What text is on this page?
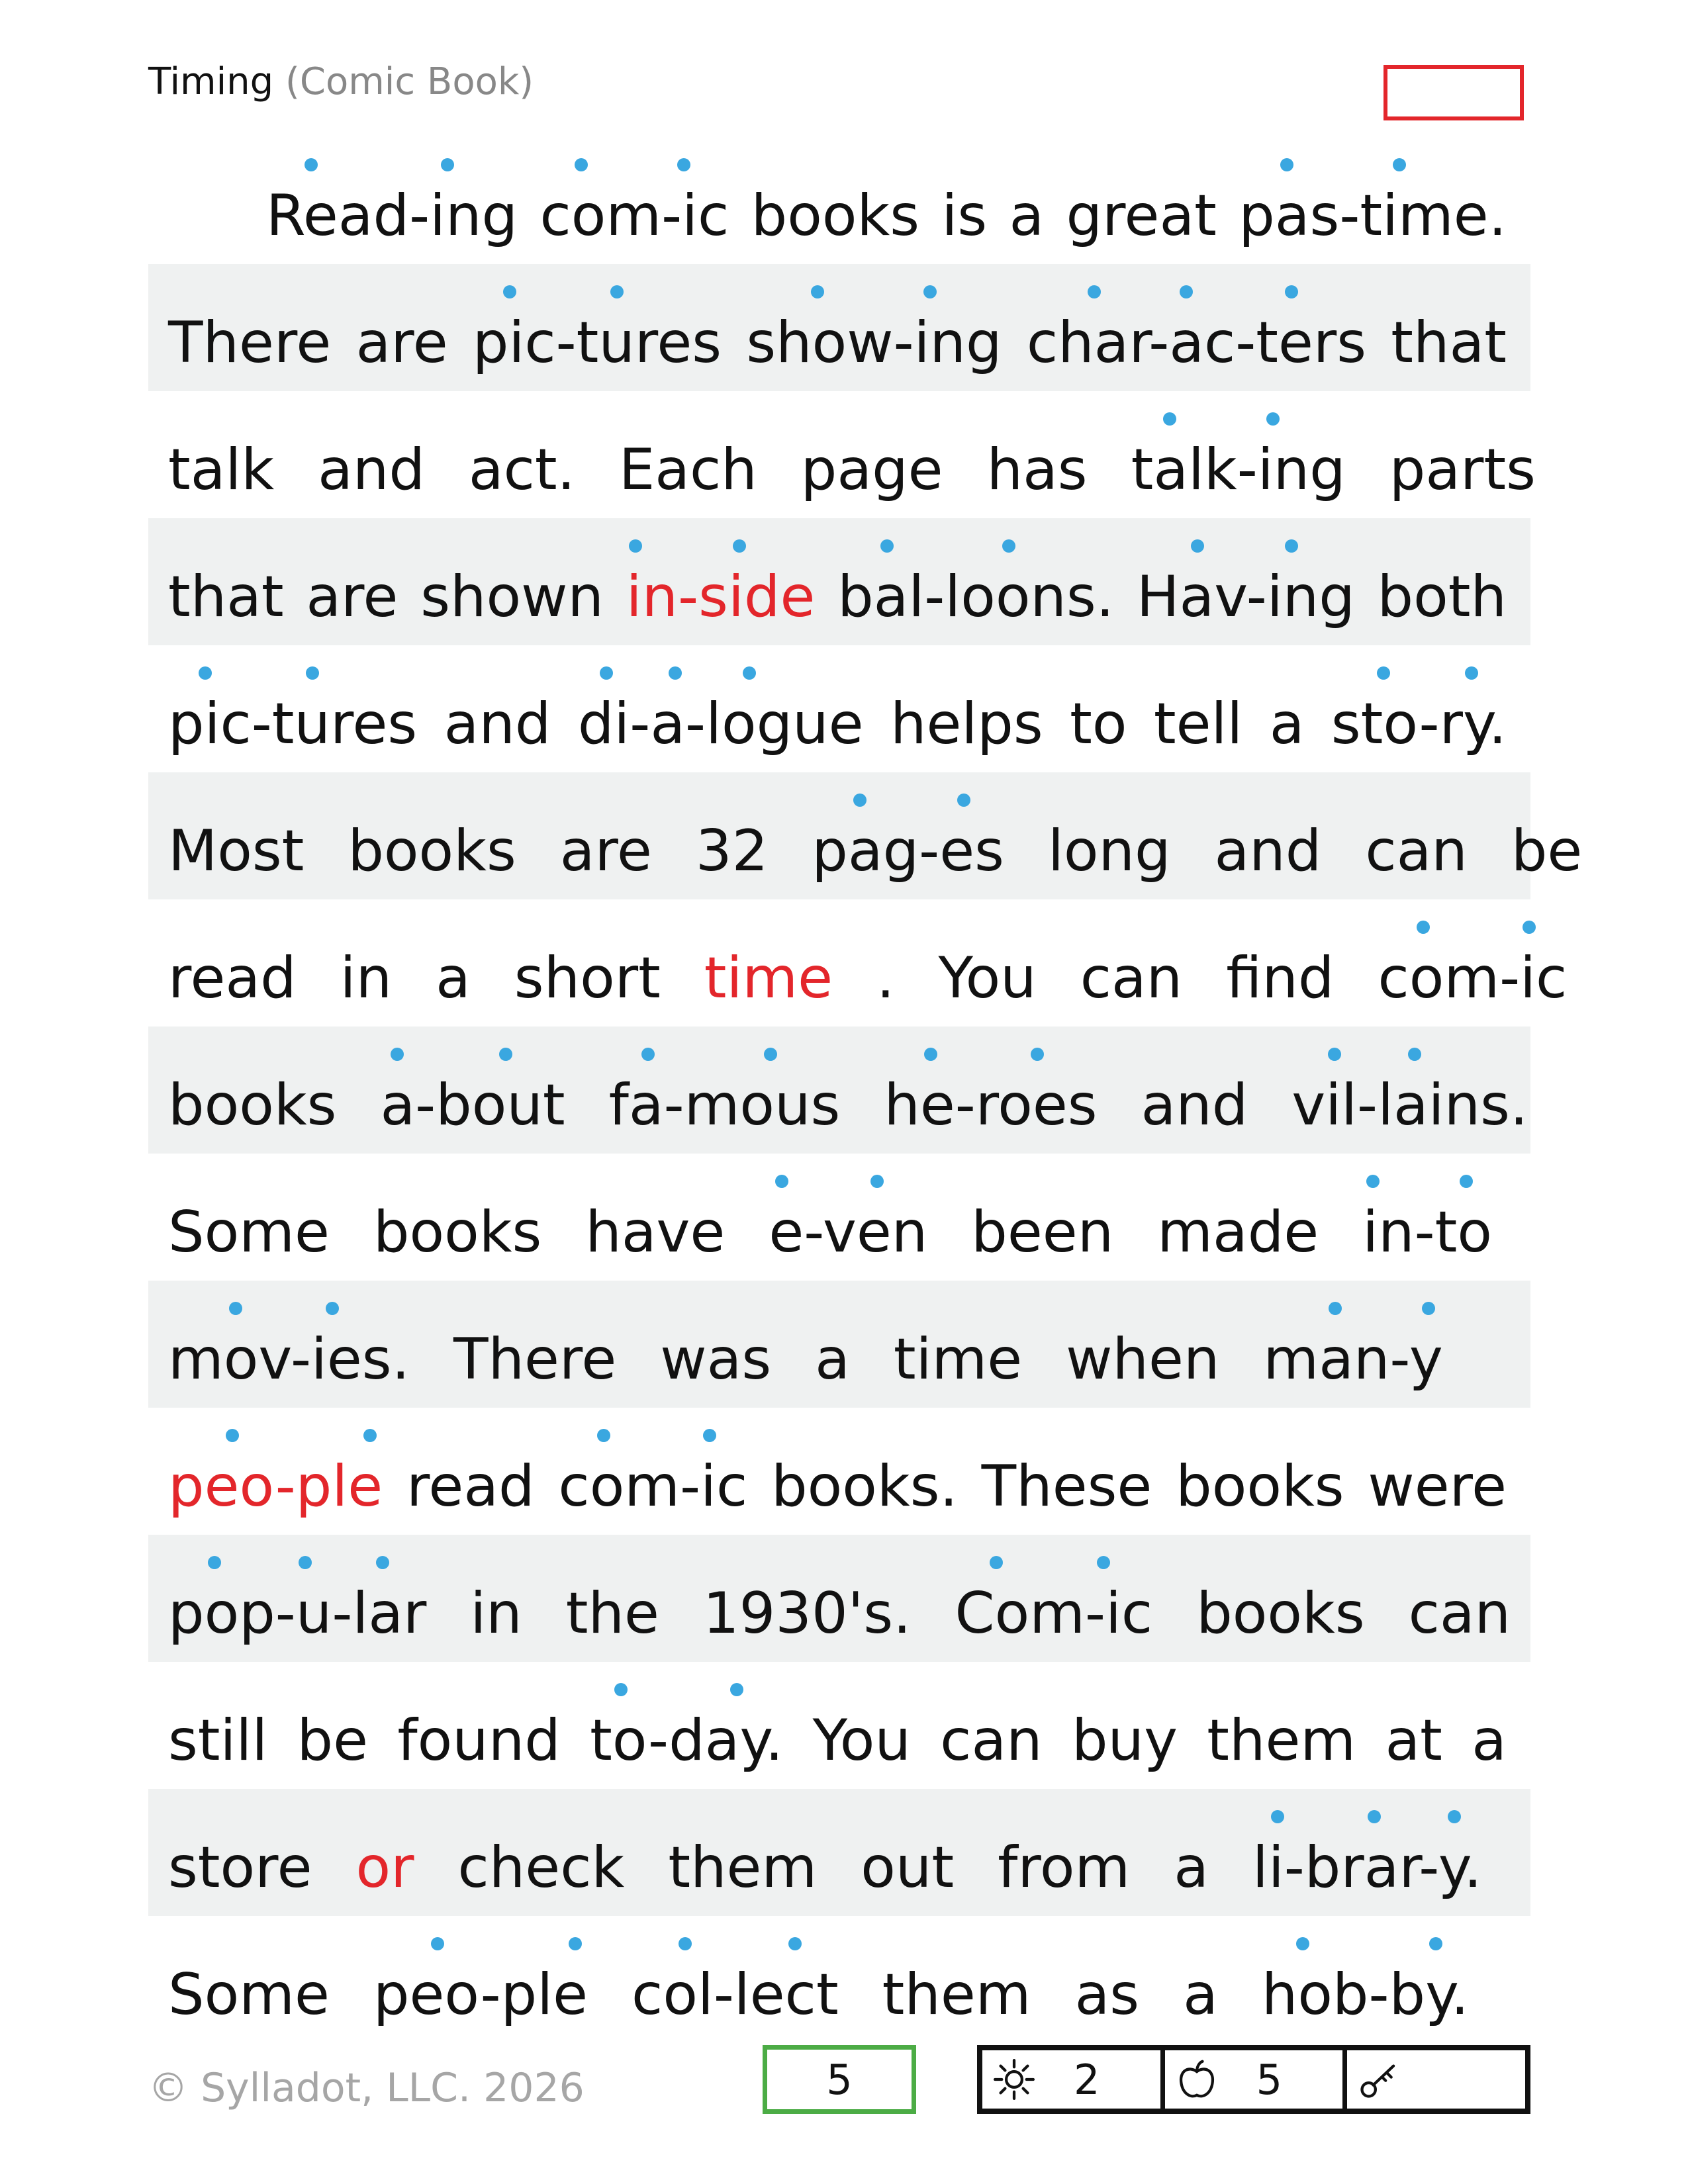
Timing (Comic Book)
Read-ing com-ic books is a great pas-time.
There are pic-tures show-ing char-ac-ters that
talk and act. Each page has talk-ing parts
that are shown in-side bal-loons. Hav-ing both
pic-tures and di-a-logue helps to tell a sto-ry.
Most books are 32 pag-es long and can be
read in a short time . You can find com-ic
books a-bout fa-mous he-roes and vil-lains.
Some books have e-ven been made in-to
mov-ies. There was a time when man-y
peo-ple read com-ic books. These books were
pop-u-lar in the 1930's. Com-ic books can
still be found to-day. You can buy them at a
store or check them out from a li-brar-y.
Some peo-ple col-lect them as a hob-by.
© Sylladot, LLC. 2026	5	2	5
